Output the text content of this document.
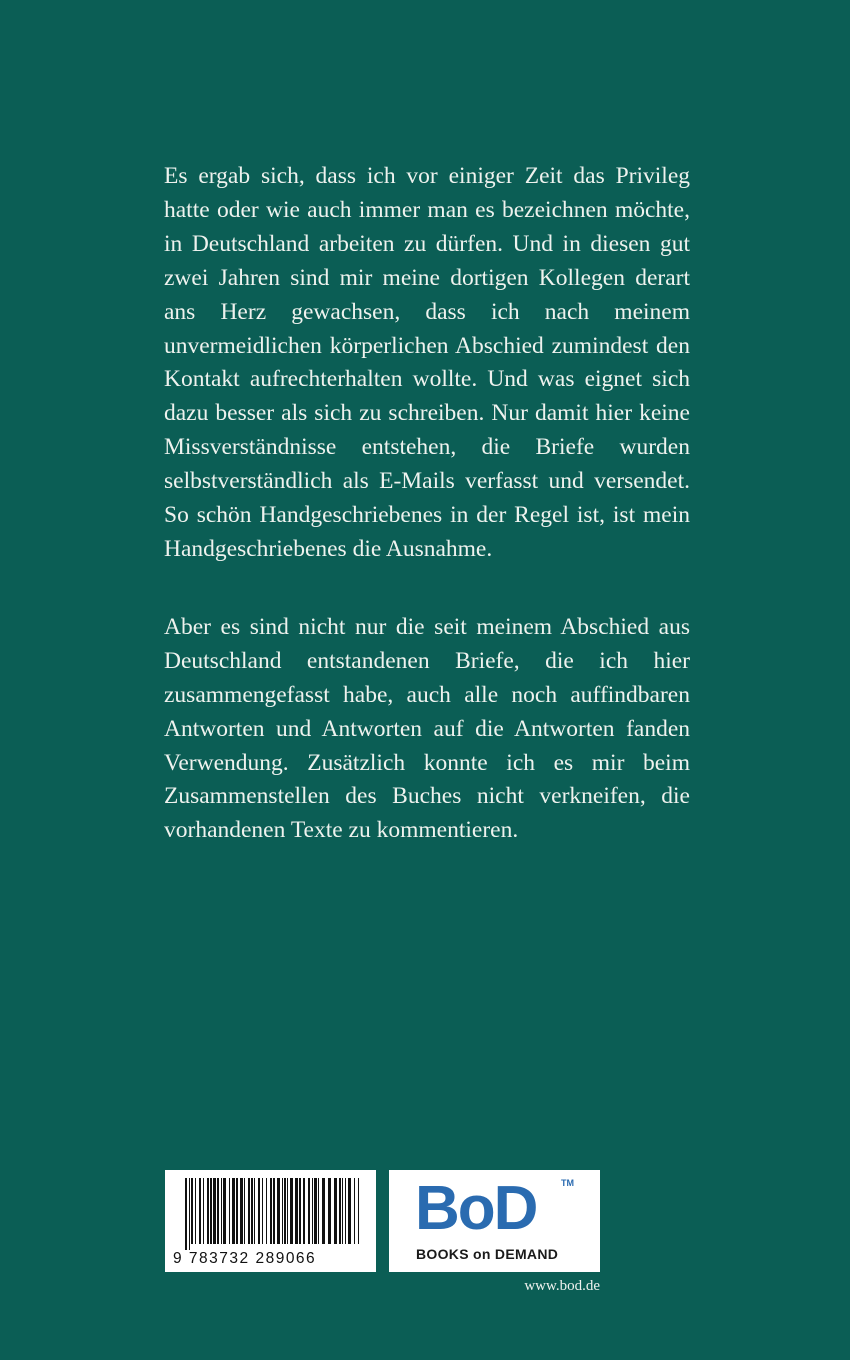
Es ergab sich, dass ich vor einiger Zeit das Privileg hatte oder wie auch immer man es bezeichnen möchte, in Deutschland arbeiten zu dürfen. Und in diesen gut zwei Jahren sind mir meine dortigen Kollegen derart ans Herz gewachsen, dass ich nach meinem unvermeidlichen körperlichen Abschied zumindest den Kontakt aufrechterhalten wollte. Und was eignet sich dazu besser als sich zu schreiben. Nur damit hier keine Missverständnisse entstehen, die Briefe wurden selbstverständlich als E-Mails verfasst und versendet. So schön Handgeschriebenes in der Regel ist, ist mein Handgeschriebenes die Ausnahme.

Aber es sind nicht nur die seit meinem Abschied aus Deutschland entstandenen Briefe, die ich hier zusammengefasst habe, auch alle noch auffindbaren Antworten und Antworten auf die Antworten fanden Verwendung. Zusätzlich konnte ich es mir beim Zusammenstellen des Buches nicht verkneifen, die vorhandenen Texte zu kommentieren.

9 783732 289066
BoD	TM
BOOKS on DEMAND
www.bod.de
